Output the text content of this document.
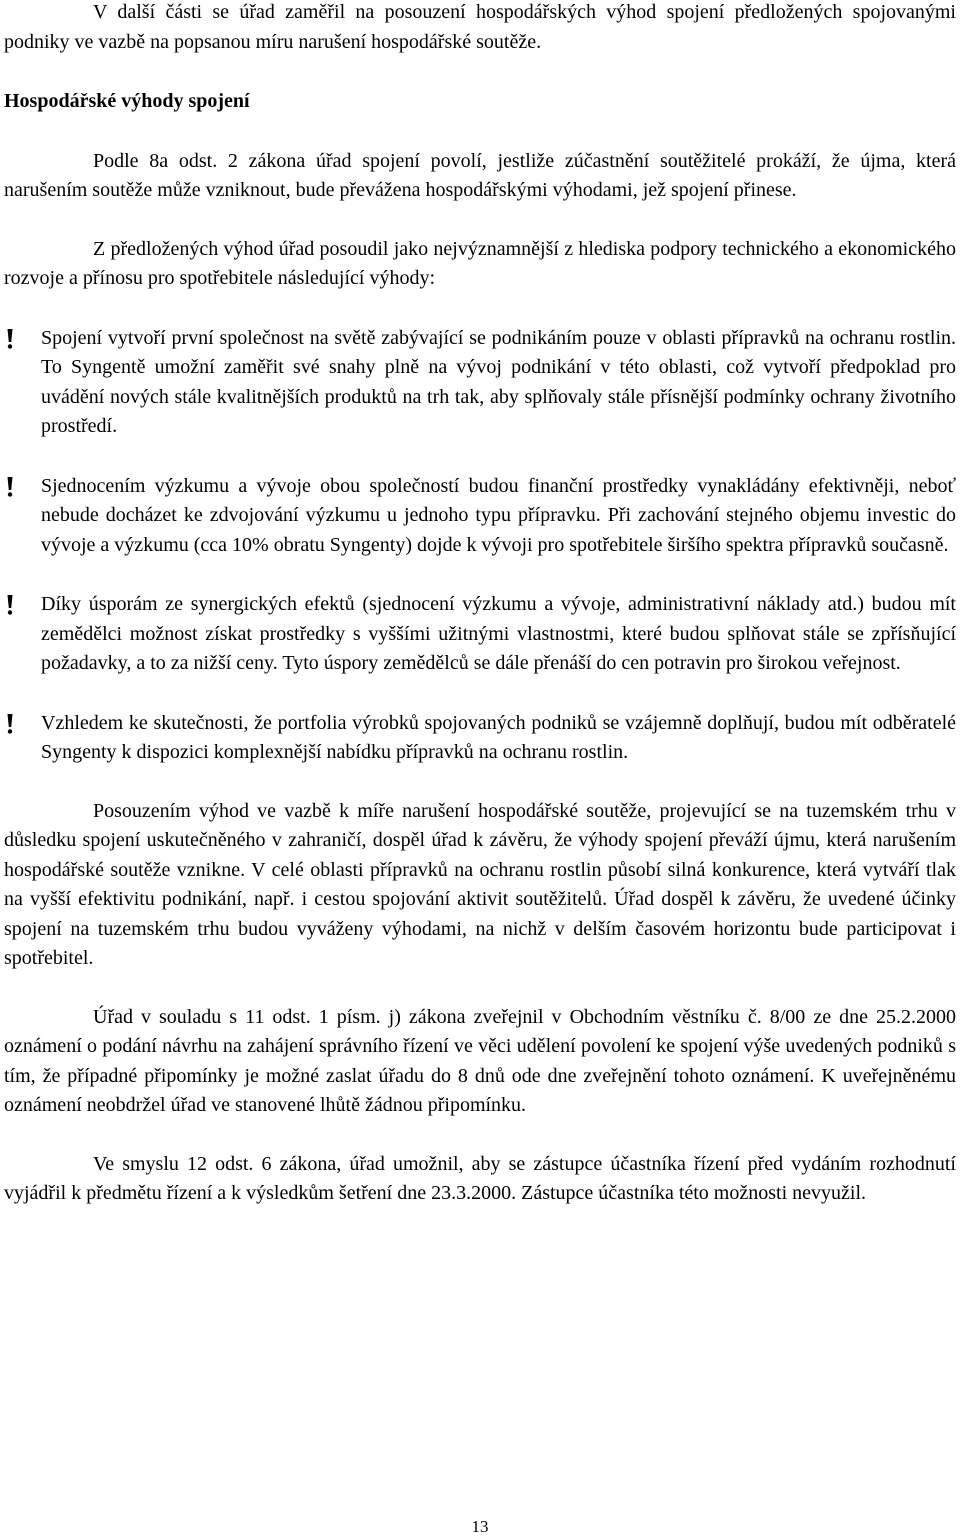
V další části se úřad zaměřil na posouzení hospodářských výhod spojení předložených spojovanými podniky ve vazbě na popsanou míru narušení hospodářské soutěže.

Hospodářské výhody spojení

Podle 8a odst. 2 zákona úřad spojení povolí, jestliže zúčastnění soutěžitelé prokáží, že újma, která narušením soutěže může vzniknout, bude převážena hospodářskými výhodami, jež spojení přinese.

Z předložených výhod úřad posoudil jako nejvýznamnější z hlediska podpory technického a ekonomického rozvoje a přínosu pro spotřebitele následující výhody:

Spojení vytvoří první společnost na světě zabývající se podnikáním pouze v oblasti přípravků na ochranu rostlin. To Syngentě umožní zaměřit své snahy plně na vývoj podnikání v této oblasti, což vytvoří předpoklad pro uvádění nových stále kvalitnějších produktů na trh tak, aby splňovaly stále přísnější podmínky ochrany životního prostředí.

Sjednocením výzkumu a vývoje obou společností budou finanční prostředky vynakládány efektivněji, neboť nebude docházet ke zdvojování výzkumu u jednoho typu přípravku. Při zachování stejného objemu investic do vývoje a výzkumu (cca 10% obratu Syngenty) dojde k vývoji pro spotřebitele širšího spektra přípravků současně.

Díky úsporám ze synergických efektů (sjednocení výzkumu a vývoje, administrativní náklady atd.) budou mít zemědělci možnost získat prostředky s vyššími užitnými vlastnostmi, které budou splňovat stále se zpřísňující požadavky, a to za nižší ceny. Tyto úspory zemědělců se dále přenáší do cen potravin pro širokou veřejnost.

Vzhledem ke skutečnosti, že portfolia výrobků spojovaných podniků se vzájemně doplňují, budou mít odběratelé Syngenty k dispozici komplexnější nabídku přípravků na ochranu rostlin.

Posouzením výhod ve vazbě k míře narušení hospodářské soutěže, projevující se na tuzemském trhu v důsledku spojení uskutečněného v zahraničí, dospěl úřad k závěru, že výhody spojení převáží újmu, která narušením hospodářské soutěže vznikne. V celé oblasti přípravků na ochranu rostlin působí silná konkurence, která vytváří tlak na vyšší efektivitu podnikání, např. i cestou spojování aktivit soutěžitelů. Úřad dospěl k závěru, že uvedené účinky spojení na tuzemském trhu budou vyváženy výhodami, na nichž v delším časovém horizontu bude participovat i spotřebitel.

Úřad v souladu s 11 odst. 1 písm. j) zákona zveřejnil v Obchodním věstníku č. 8/00 ze dne 25.2.2000 oznámení o podání návrhu na zahájení správního řízení ve věci udělení povolení ke spojení výše uvedených podniků s tím, že případné připomínky je možné zaslat úřadu do 8 dnů ode dne zveřejnění tohoto oznámení. K uveřejněnému oznámení neobdržel úřad ve stanovené lhůtě žádnou připomínku.

Ve smyslu 12 odst. 6 zákona, úřad umožnil, aby se zástupce účastníka řízení před vydáním rozhodnutí vyjádřil k předmětu řízení a k výsledkům šetření dne 23.3.2000. Zástupce účastníka této možnosti nevyužil.

13
